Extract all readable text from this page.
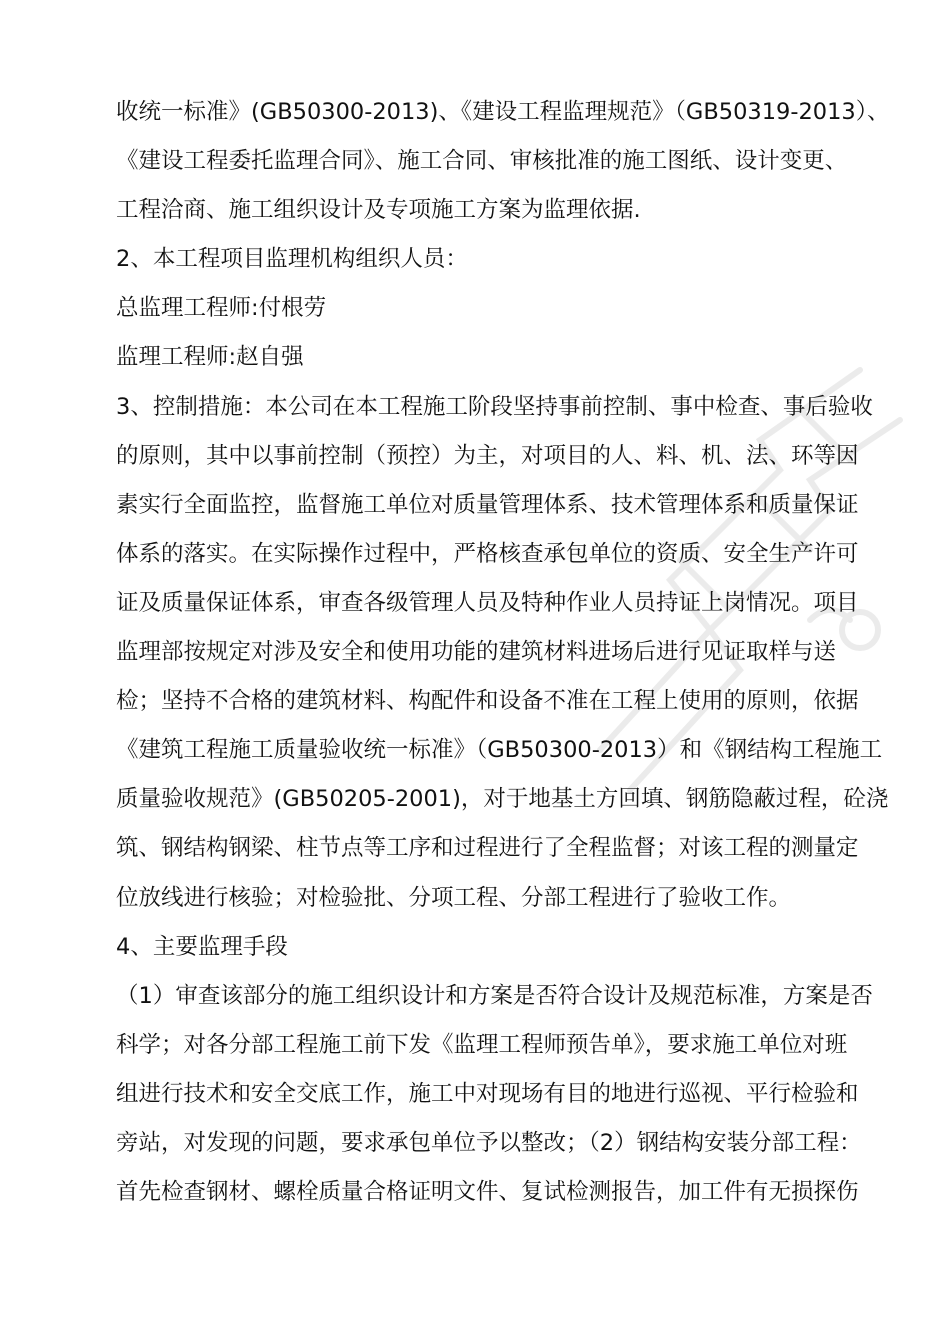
收统一标准》(GB50300-2013)、《建设工程监理规范》（GB50319-2013）、
《建设工程委托监理合同》、施工合同、审核批准的施工图纸、设计变更、
工程洽商、施工组织设计及专项施工方案为监理依据.
2、本工程项目监理机构组织人员：
总监理工程师:付根劳
监理工程师:赵自强
3、控制措施：本公司在本工程施工阶段坚持事前控制、事中检查、事后验收
的原则，其中以事前控制（预控）为主，对项目的人、料、机、法、环等因
素实行全面监控，监督施工单位对质量管理体系、技术管理体系和质量保证
体系的落实。在实际操作过程中，严格核查承包单位的资质、安全生产许可
证及质量保证体系，审查各级管理人员及特种作业人员持证上岗情况。项目
监理部按规定对涉及安全和使用功能的建筑材料进场后进行见证取样与送
检；坚持不合格的建筑材料、构配件和设备不准在工程上使用的原则，依据
《建筑工程施工质量验收统一标准》（GB50300-2013）和《钢结构工程施工
质量验收规范》(GB50205-2001)，对于地基土方回填、钢筋隐蔽过程，砼浇
筑、钢结构钢梁、柱节点等工序和过程进行了全程监督；对该工程的测量定
位放线进行核验；对检验批、分项工程、分部工程进行了验收工作。
4、主要监理手段
（1）审查该部分的施工组织设计和方案是否符合设计及规范标准，方案是否
科学；对各分部工程施工前下发《监理工程师预告单》，要求施工单位对班
组进行技术和安全交底工作，施工中对现场有目的地进行巡视、平行检验和
旁站，对发现的问题，要求承包单位予以整改；（2）钢结构安装分部工程：
首先检查钢材、螺栓质量合格证明文件、复试检测报告，加工件有无损探伤
